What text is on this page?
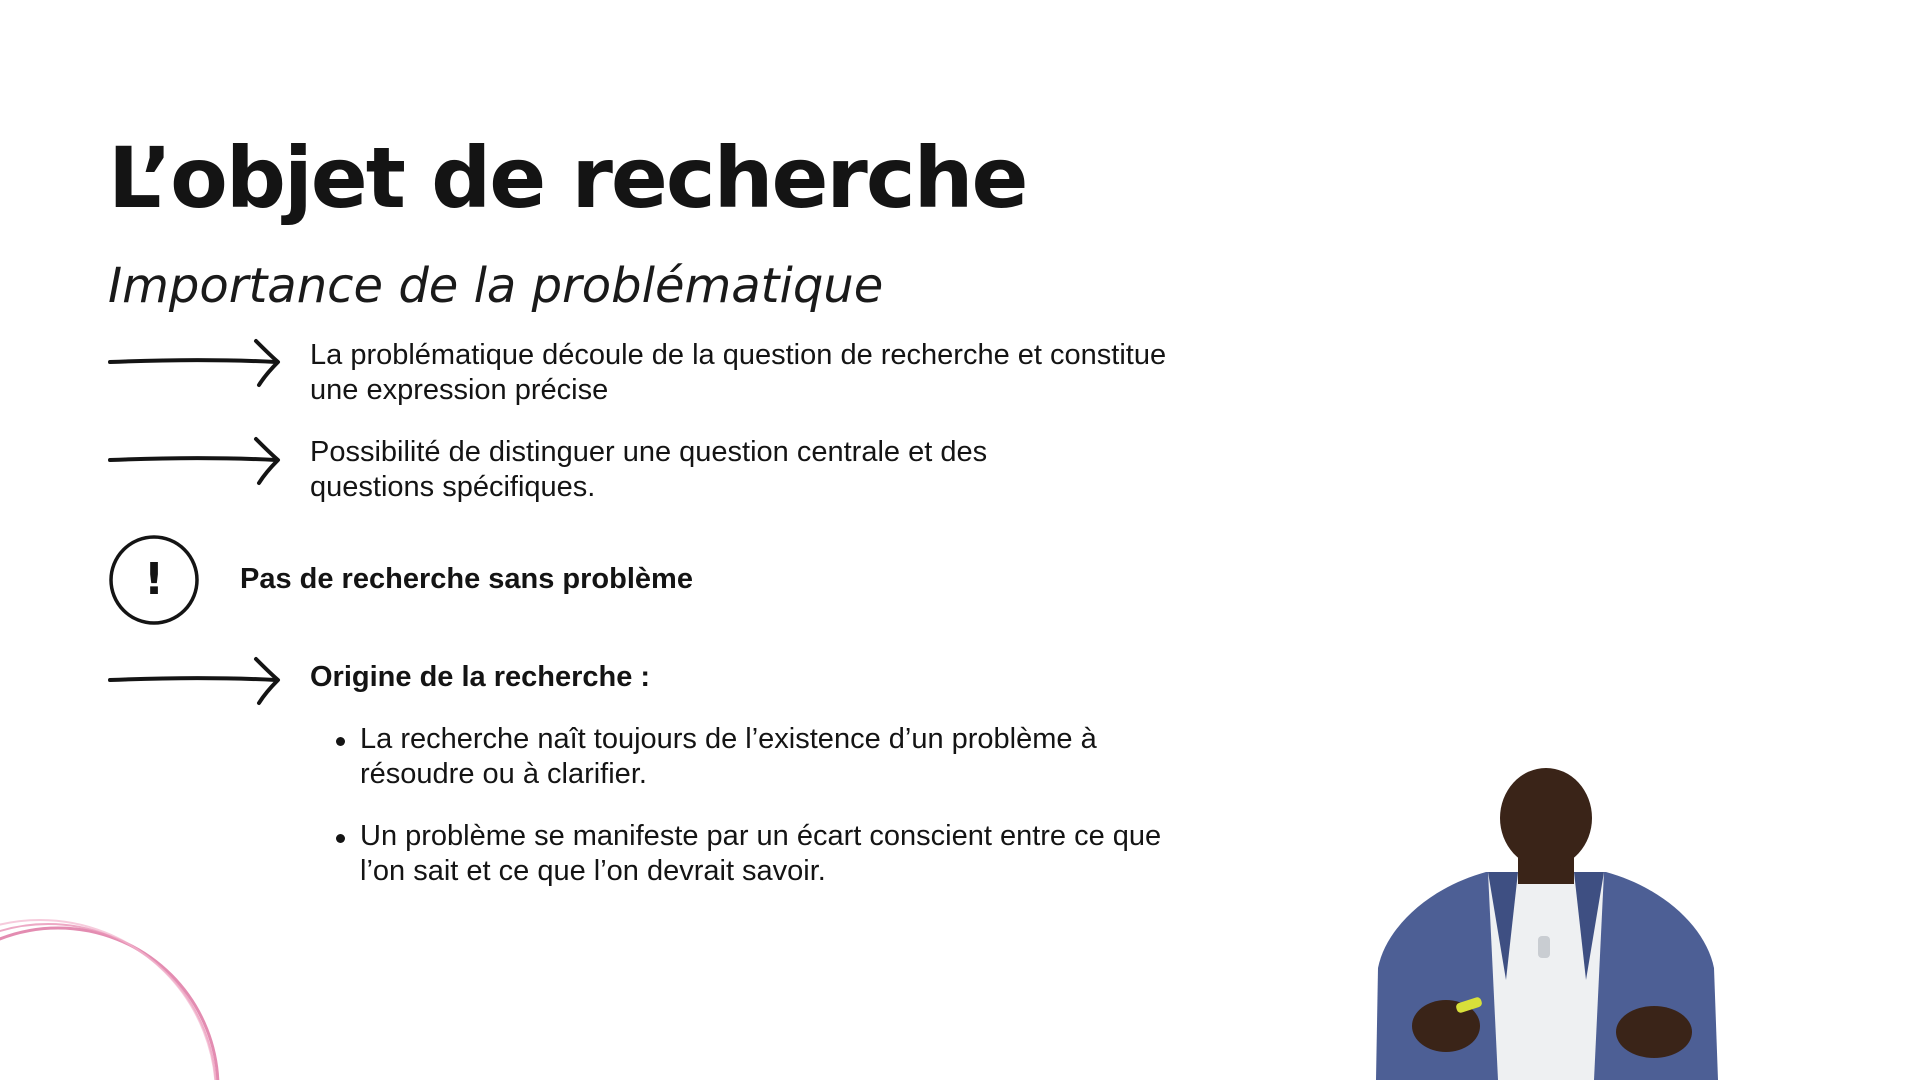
L’objet de recherche
Importance de la problématique

La problématique découle de la question de recherche et constitue une expression précise

Possibilité de distinguer une question centrale et des questions spécifiques.

!	Pas de recherche sans problème

Origine de la recherche :

La recherche naît toujours de l’existence d’un problème à résoudre ou à clarifier.
Un problème se manifeste par un écart conscient entre ce que l’on sait et ce que l’on devrait savoir.
